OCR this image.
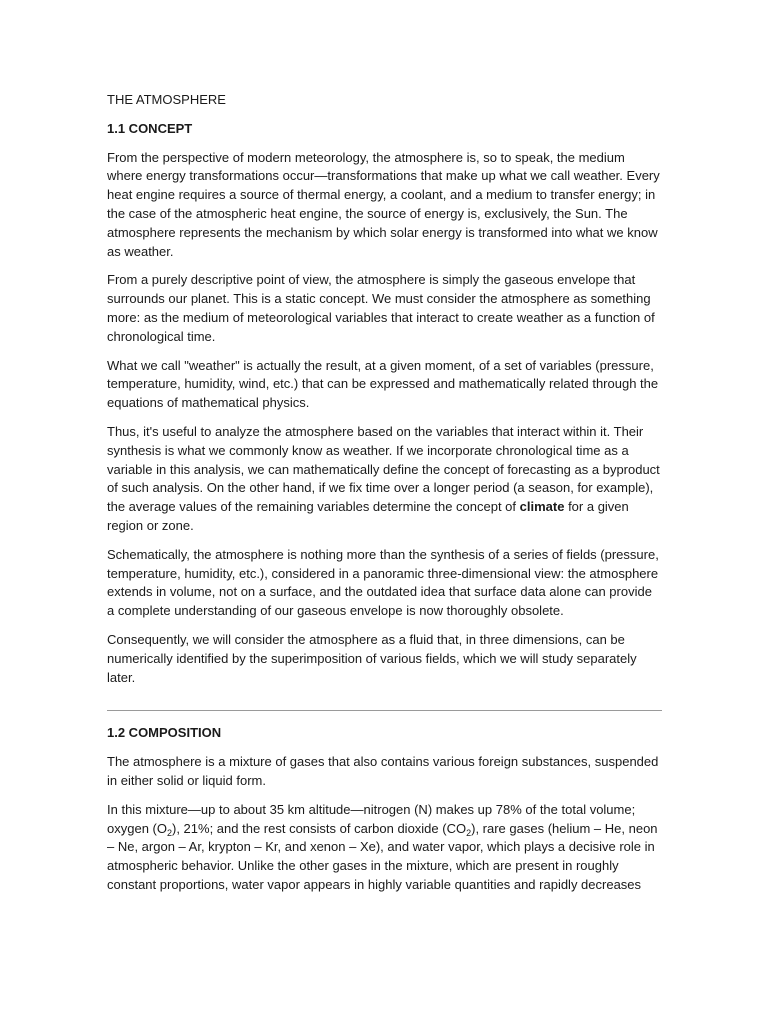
THE ATMOSPHERE
1.1 CONCEPT

From the perspective of modern meteorology, the atmosphere is, so to speak, the medium where energy transformations occur—transformations that make up what we call weather. Every heat engine requires a source of thermal energy, a coolant, and a medium to transfer energy; in the case of the atmospheric heat engine, the source of energy is, exclusively, the Sun. The atmosphere represents the mechanism by which solar energy is transformed into what we know as weather.

From a purely descriptive point of view, the atmosphere is simply the gaseous envelope that surrounds our planet. This is a static concept. We must consider the atmosphere as something more: as the medium of meteorological variables that interact to create weather as a function of chronological time.

What we call "weather" is actually the result, at a given moment, of a set of variables (pressure, temperature, humidity, wind, etc.) that can be expressed and mathematically related through the equations of mathematical physics.

Thus, it's useful to analyze the atmosphere based on the variables that interact within it. Their synthesis is what we commonly know as weather. If we incorporate chronological time as a variable in this analysis, we can mathematically define the concept of forecasting as a byproduct of such analysis. On the other hand, if we fix time over a longer period (a season, for example), the average values of the remaining variables determine the concept of climate for a given region or zone.

Schematically, the atmosphere is nothing more than the synthesis of a series of fields (pressure, temperature, humidity, etc.), considered in a panoramic three-dimensional view: the atmosphere extends in volume, not on a surface, and the outdated idea that surface data alone can provide a complete understanding of our gaseous envelope is now thoroughly obsolete.

Consequently, we will consider the atmosphere as a fluid that, in three dimensions, can be numerically identified by the superimposition of various fields, which we will study separately later.

1.2 COMPOSITION

The atmosphere is a mixture of gases that also contains various foreign substances, suspended in either solid or liquid form.

In this mixture—up to about 35 km altitude—nitrogen (N) makes up 78% of the total volume; oxygen $(O_2)$, 21%; and the rest consists of carbon dioxide $(CO_2)$, rare gases (helium – He, neon – Ne, argon – Ar, krypton – Kr, and xenon – Xe), and water vapor, which plays a decisive role in atmospheric behavior. Unlike the other gases in the mixture, which are present in roughly constant proportions, water vapor appears in highly variable quantities and rapidly decreases
